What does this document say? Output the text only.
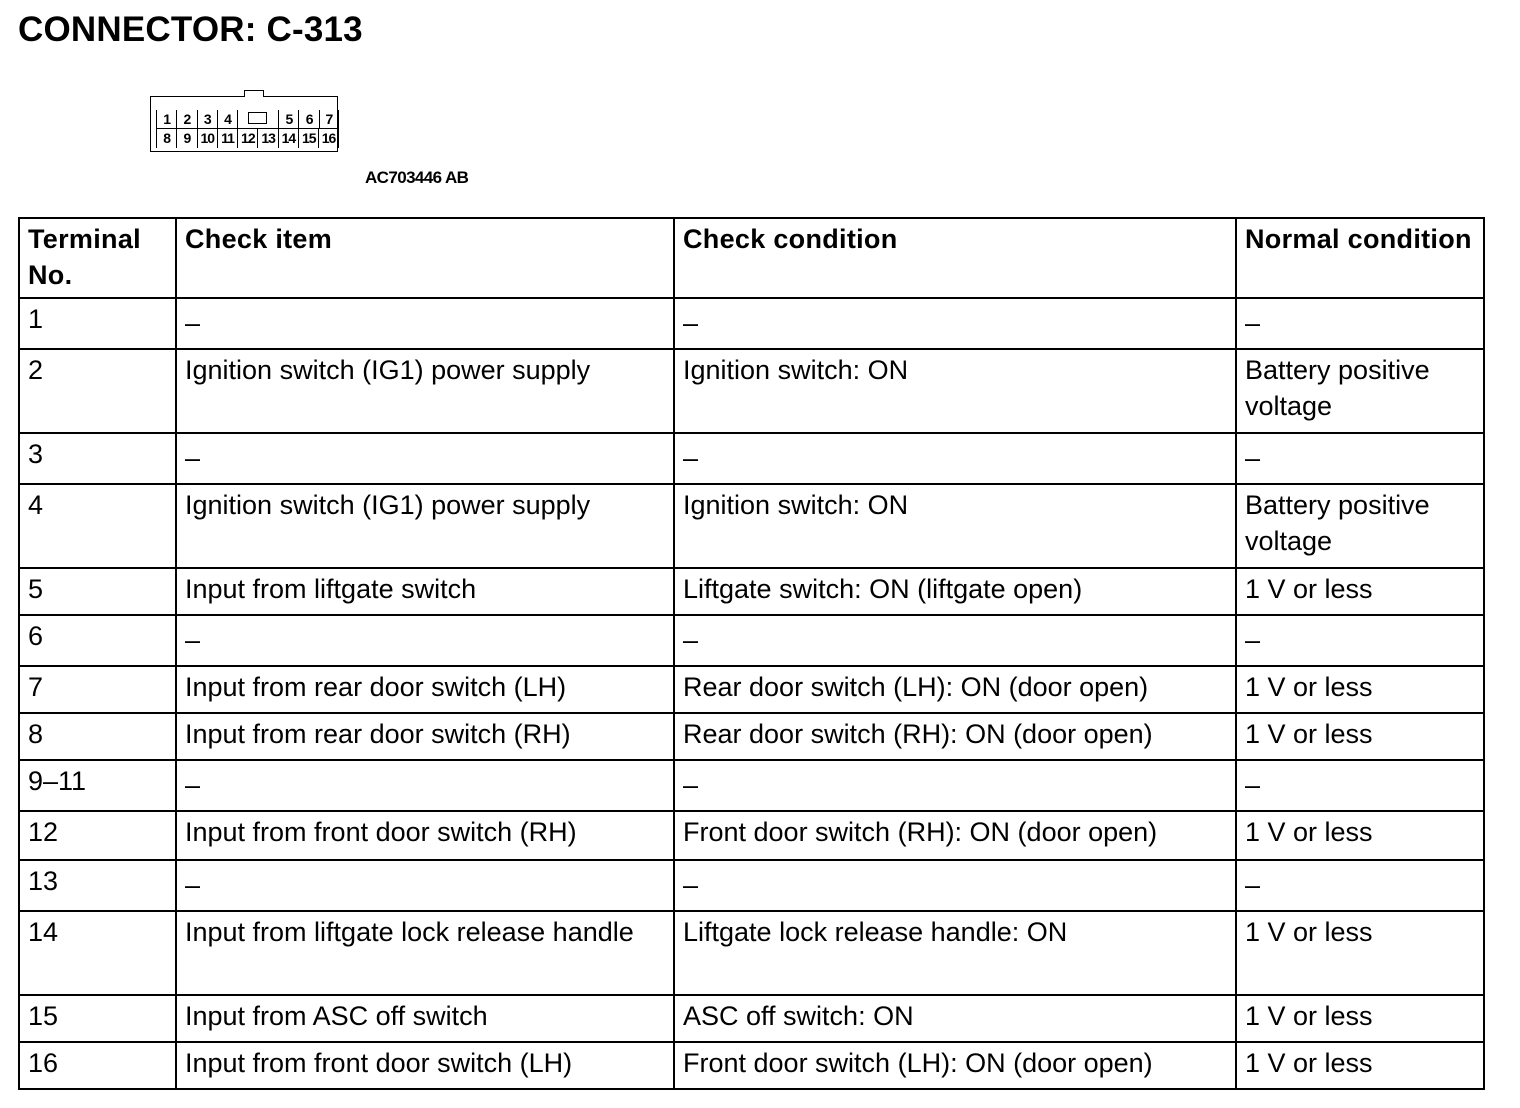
CONNECTOR: C-313
1 2 3 4	5 6 7
8 9 10 11 12 13 14 15 16
AC703446 AB
Terminal No.	Check item	Check condition	Normal condition
1	–	–	–
2	Ignition switch (IG1) power supply	Ignition switch: ON	Battery positive voltage
3	–	–	–
4	Ignition switch (IG1) power supply	Ignition switch: ON	Battery positive voltage
5	Input from liftgate switch	Liftgate switch: ON (liftgate open)	1 V or less
6	–	–	–
7	Input from rear door switch (LH)	Rear door switch (LH): ON (door open)	1 V or less
8	Input from rear door switch (RH)	Rear door switch (RH): ON (door open)	1 V or less
9–11	–	–	–
12	Input from front door switch (RH)	Front door switch (RH): ON (door open)	1 V or less
13	–	–	–
14	Input from liftgate lock release handle	Liftgate lock release handle: ON	1 V or less
15	Input from ASC off switch	ASC off switch: ON	1 V or less
16	Input from front door switch (LH)	Front door switch (LH): ON (door open)	1 V or less
